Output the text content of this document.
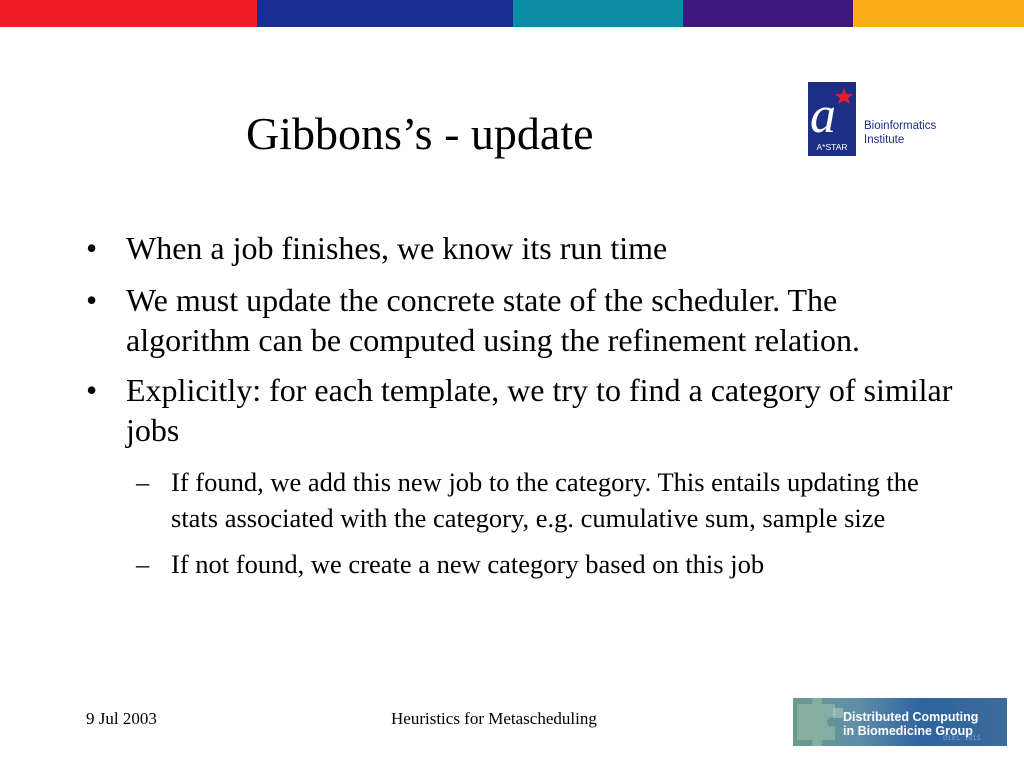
Gibbons’s - update	a
A*STAR
Bioinformatics
Institute
• When a job finishes, we know its run time
• We must update the concrete state of the scheduler. The algorithm can be computed using the refinement relation.
• Explicitly: for each template, we try to find a category of similar jobs
– If found, we add this new job to the category. This entails updating the stats associated with the category, e.g. cumulative sum, sample size
– If not found, we create a new category based on this job
9 Jul 2003	Heuristics for Metascheduling
0101 1011
Distributed Computing
in Biomedicine Group
